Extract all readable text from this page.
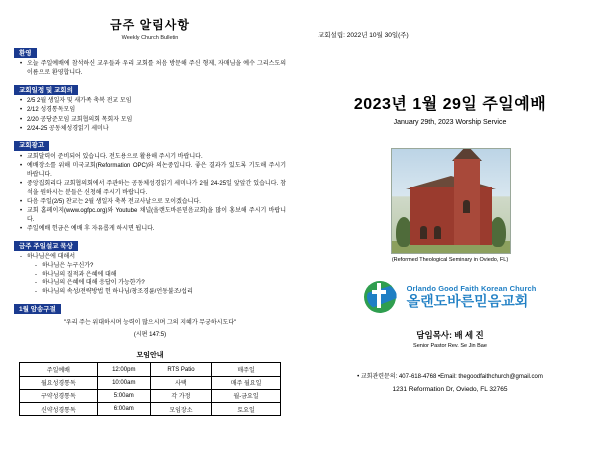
금주 알림사항
Weekly Church Bulletin
환영
• 오늘 주일예배에 참석하신 교우들과 우리 교회를 처음 방문해 주신 형제, 자매님을 예수 그리스도의 이름으로 환영합니다.
교회일정 및 교회의
• 2/5 2월 생일자 및 새가족 축복 전교 모임
• 2/12 성경통독모임
• 2/20 공당준모임 교회협의회 목회자 모임
• 2/24-25 공동체성경읽기 세미나
교회광고
• 교회달력이 준비되어 있습니다. 전도용으로 활용해 주시기 바랍니다.
• 예배장소를 위해 미국교회(Reformation OPC)와 의논중입니다. 좋은 결과가 있도록 기도해 주시기 바랍니다.
• 중앙집회리다 교회협의회에서 주관하는 공동체성경읽기 세미나가 2월 24-25일 앞앞간 있습니다. 참석을 원하시는 분들은 신청해 주시기 바랍니다.
• 다음 주일(2/5) 찬교는 2월 생일자 축복 전교사날으로 모이겠습니다.
• 교회 홈페이지(www.ogfpc.org)와 Youtube 채널(올랜도바른믿음교회)을 많이 홍보해 주시기 바랍니다.
• 주일예배 헌금은 예배 후 자유롭게 하시면 됩니다.
금주 주일설교 묵상
- 하나님은에 대해서
- 하나님은 누구신가?
- 하나님의 질적과 은혜에 대해
- 하나님의 은혜에 대해 응답이 가능한가?
- 하나님의 속성/전략방법 헌 하나님/창조경륜/언동불조/섭리
1월 암송구절
"우리 주는 위대하시며 능력이 많으시며 그의 지혜가 무궁하시도다"
(시편 147:5)
모임안내
주일예배	12:00pm	RTS Patio	매주일
월요성경통독	10:00am	사택	매주 월요일
구약성경통독	5:00am	각 가정	월-금요일
신약성경통독	6:00am	모임장소	토요일
교회설립: 2022년 10월 30일(주)
2023년 1월 29일 주일예배
January 29th, 2023 Worship Service
(Reformed Theological Seminary in Oviedo, FL)
Orlando Good Faith Korean Church
올랜도바른믿음교회
담임목사: 배 세 진
Senior Pastor Rev. Se Jin Bae
• 교회관련문의: 407-618-4768 •Email: thegoodfaithchurch@gmail.com
1231 Reformation Dr, Oviedo, FL 32765
